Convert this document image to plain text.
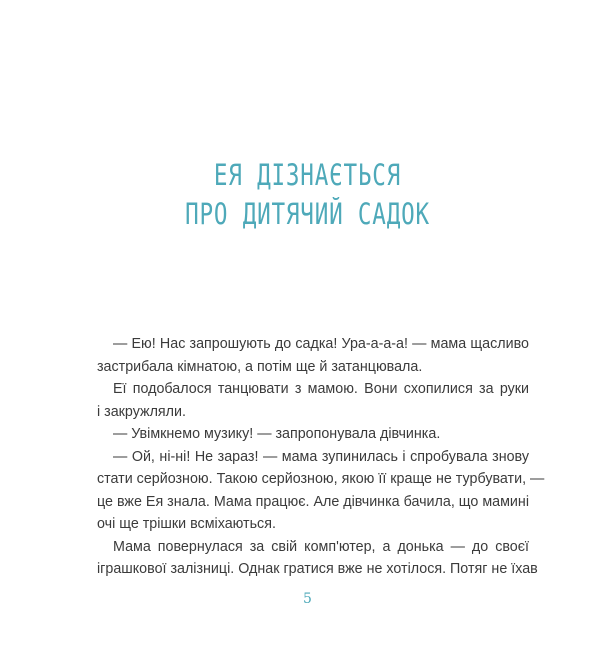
ЕЯ ДІЗНАЄТЬСЯ
ПРО ДИТЯЧИЙ САДОК
— Ею! Нас запрошують до садка! Ура-а-а-а! — мама щасливо
застрибала кімнатою, а потім ще й затанцювала.
Еї подобалося танцювати з мамою. Вони схопилися за руки
і закружляли.
— Увімкнемо музику! — запропонувала дівчинка.
— Ой, ні-ні! Не зараз! — мама зупинилась і спробувала знову
стати серйозною. Такою серйозною, якою її краще не турбувати, —
це вже Ея знала. Мама працює. Але дівчинка бачила, що мамині
очі ще трішки всміхаються.
Мама повернулася за свій комп'ютер, а донька — до своєї
іграшкової залізниці. Однак гратися вже не хотілося. Потяг не їхав
5
